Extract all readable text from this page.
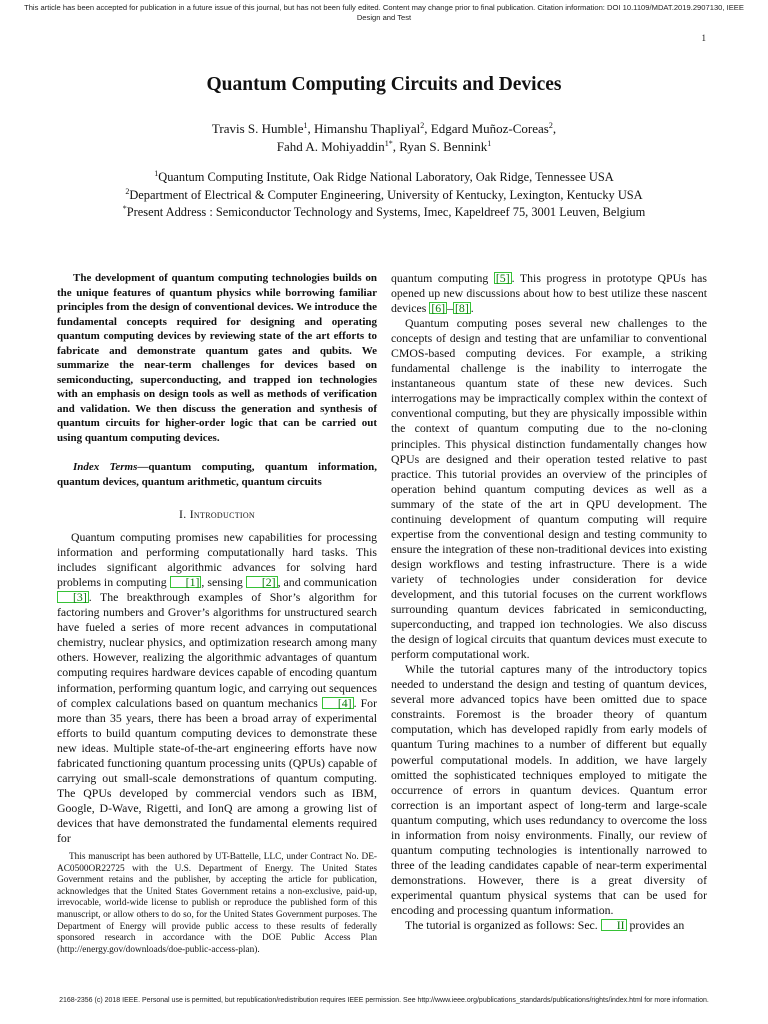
This article has been accepted for publication in a future issue of this journal, but has not been fully edited. Content may change prior to final publication. Citation information: DOI 10.1109/MDAT.2019.2907130, IEEE Design and Test
1
Quantum Computing Circuits and Devices
Travis S. Humble$^1$, Himanshu Thapliyal$^2$, Edgard Muñoz-Coreas$^2$,
Fahd A. Mohiyaddin$^{1*}$, Ryan S. Bennink$^1$
$^1$Quantum Computing Institute, Oak Ridge National Laboratory, Oak Ridge, Tennessee USA
$^2$Department of Electrical & Computer Engineering, University of Kentucky, Lexington, Kentucky USA
*Present Address : Semiconductor Technology and Systems, Imec, Kapeldreef 75, 3001 Leuven, Belgium

The development of quantum computing technologies builds on the unique features of quantum physics while borrowing familiar principles from the design of conventional devices. We introduce the fundamental concepts required for designing and operating quantum computing devices by reviewing state of the art efforts to fabricate and demonstrate quantum gates and qubits. We summarize the near-term challenges for devices based on semiconducting, superconducting, and trapped ion technologies with an emphasis on design tools as well as methods of verification and validation. We then discuss the generation and synthesis of quantum circuits for higher-order logic that can be carried out using quantum computing devices.

Index Terms—quantum computing, quantum information, quantum devices, quantum arithmetic, quantum circuits

I. Introduction

Quantum computing promises new capabilities for processing information and performing computationally hard tasks. This includes significant algorithmic advances for solving hard problems in computing [1] , sensing [2] , and communication [3] . The breakthrough examples of Shor’s algorithm for factoring numbers and Grover’s algorithms for unstructured search have fueled a series of more recent advances in computational chemistry, nuclear physics, and optimization research among many others. However, realizing the algorithmic advantages of quantum computing requires hardware devices capable of encoding quantum information, performing quantum logic, and carrying out sequences of complex calculations based on quantum mechanics [4] . For more than 35 years, there has been a broad array of experimental efforts to build quantum computing devices to demonstrate these new ideas. Multiple state-of-the-art engineering efforts have now fabricated functioning quantum processing units (QPUs) capable of carrying out small-scale demonstrations of quantum computing. The QPUs developed by commercial vendors such as IBM, Google, D-Wave, Rigetti, and IonQ are among a growing list of devices that have demonstrated the fundamental elements required for

quantum computing [5] . This progress in prototype QPUs has opened up new discussions about how to best utilize these nascent devices [6] – [8] .

Quantum computing poses several new challenges to the concepts of design and testing that are unfamiliar to conventional CMOS-based computing devices. For example, a striking fundamental challenge is the inability to interrogate the instantaneous quantum state of these new devices. Such interrogations may be impractically complex within the context of conventional computing, but they are physically impossible within the context of quantum computing due to the no-cloning principles. This physical distinction fundamentally changes how QPUs are designed and their operation tested relative to past practice. This tutorial provides an overview of the principles of operation behind quantum computing devices as well as a summary of the state of the art in QPU development. The continuing development of quantum computing will require expertise from the conventional design and testing community to ensure the integration of these non-traditional devices into existing design workflows and testing infrastructure. There is a wide variety of technologies under consideration for device development, and this tutorial focuses on the current workflows surrounding quantum devices fabricated in semiconducting, superconducting, and trapped ion technologies. We also discuss the design of logical circuits that quantum devices must execute to perform computational work.

While the tutorial captures many of the introductory topics needed to understand the design and testing of quantum devices, several more advanced topics have been omitted due to space constraints. Foremost is the broader theory of quantum computation, which has developed rapidly from early models of quantum Turing machines to a number of different but equally powerful computational models. In addition, we have largely omitted the sophisticated techniques employed to mitigate the occurrence of errors in quantum devices. Quantum error correction is an important aspect of long-term and large-scale quantum computing, which uses redundancy to overcome the loss in information from noisy environments. Finally, our review of quantum computing technologies is intentionally narrowed to three of the leading candidates capable of near-term experimental demonstrations. However, there is a great diversity of experimental quantum physical systems that can be used for encoding and processing quantum information.

The tutorial is organized as follows: Sec. II provides an

This manuscript has been authored by UT-Battelle, LLC, under Contract No. DE-AC0500OR22725 with the U.S. Department of Energy. The United States Government retains and the publisher, by accepting the article for publication, acknowledges that the United States Government retains a non-exclusive, paid-up, irrevocable, world-wide license to publish or reproduce the published form of this manuscript, or allow others to do so, for the United States Government purposes. The Department of Energy will provide public access to these results of federally sponsored research in accordance with the DOE Public Access Plan (http://energy.gov/downloads/doe-public-access-plan).
2168-2356 (c) 2018 IEEE. Personal use is permitted, but republication/redistribution requires IEEE permission. See http://www.ieee.org/publications_standards/publications/rights/index.html for more information.
